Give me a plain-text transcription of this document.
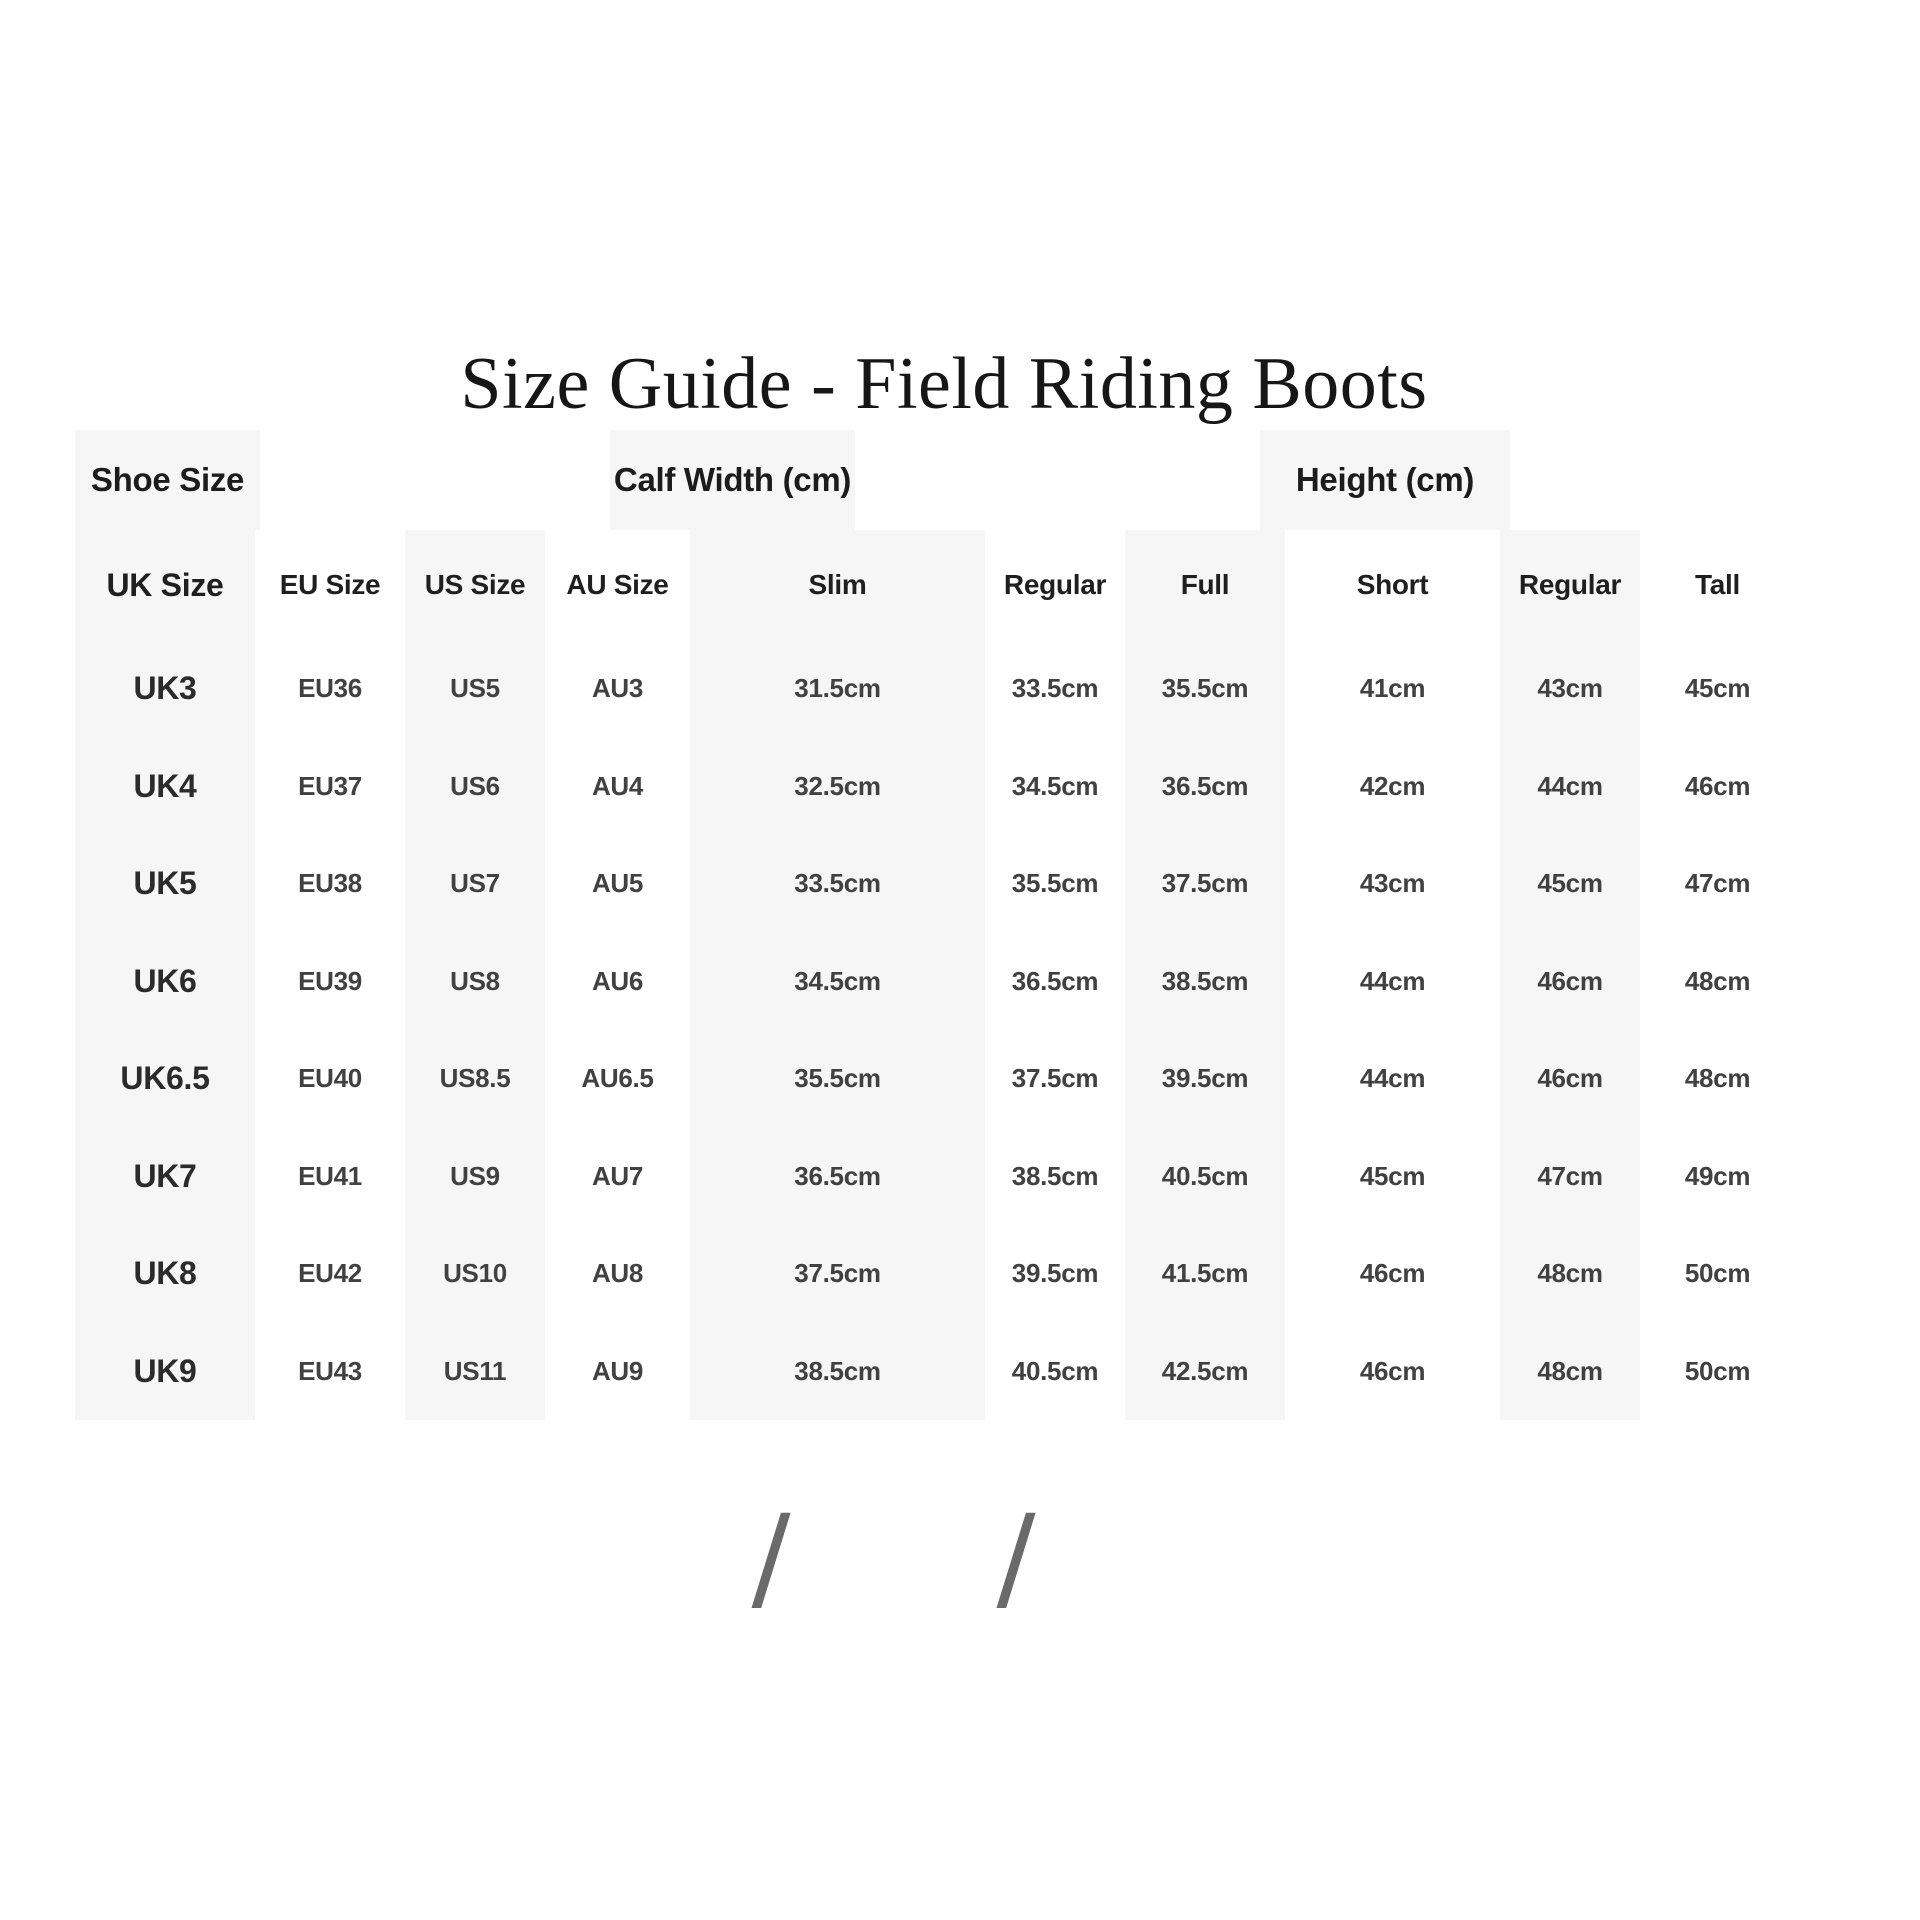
Size Guide - Field Riding Boots
Shoe Size	Calf Width (cm)	Height (cm)
UK Size	EU Size	US Size	AU Size	Slim	Regular	Full	Short	Regular	Tall
UK3	EU36	US5	AU3	31.5cm	33.5cm	35.5cm	41cm	43cm	45cm
UK4	EU37	US6	AU4	32.5cm	34.5cm	36.5cm	42cm	44cm	46cm
UK5	EU38	US7	AU5	33.5cm	35.5cm	37.5cm	43cm	45cm	47cm
UK6	EU39	US8	AU6	34.5cm	36.5cm	38.5cm	44cm	46cm	48cm
UK6.5	EU40	US8.5	AU6.5	35.5cm	37.5cm	39.5cm	44cm	46cm	48cm
UK7	EU41	US9	AU7	36.5cm	38.5cm	40.5cm	45cm	47cm	49cm
UK8	EU42	US10	AU8	37.5cm	39.5cm	41.5cm	46cm	48cm	50cm
UK9	EU43	US11	AU9	38.5cm	40.5cm	42.5cm	46cm	48cm	50cm
/ /
